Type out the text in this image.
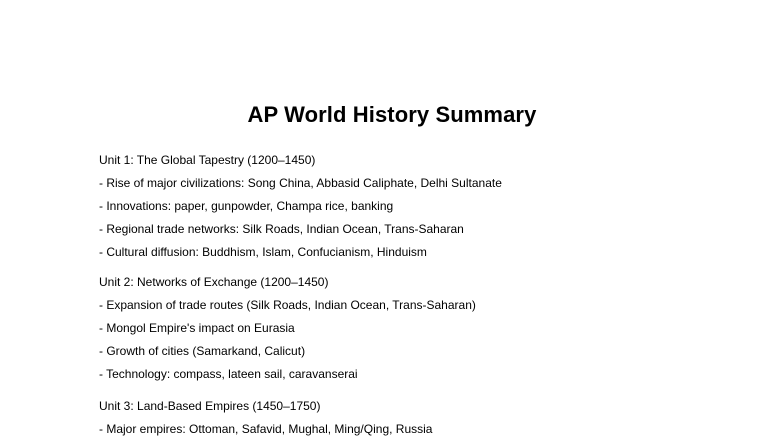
AP World History Summary
Unit 1: The Global Tapestry (1200–1450)
- Rise of major civilizations: Song China, Abbasid Caliphate, Delhi Sultanate
- Innovations: paper, gunpowder, Champa rice, banking
- Regional trade networks: Silk Roads, Indian Ocean, Trans-Saharan
- Cultural diffusion: Buddhism, Islam, Confucianism, Hinduism
Unit 2: Networks of Exchange (1200–1450)
- Expansion of trade routes (Silk Roads, Indian Ocean, Trans-Saharan)
- Mongol Empire's impact on Eurasia
- Growth of cities (Samarkand, Calicut)
- Technology: compass, lateen sail, caravanserai
Unit 3: Land-Based Empires (1450–1750)
- Major empires: Ottoman, Safavid, Mughal, Ming/Qing, Russia
